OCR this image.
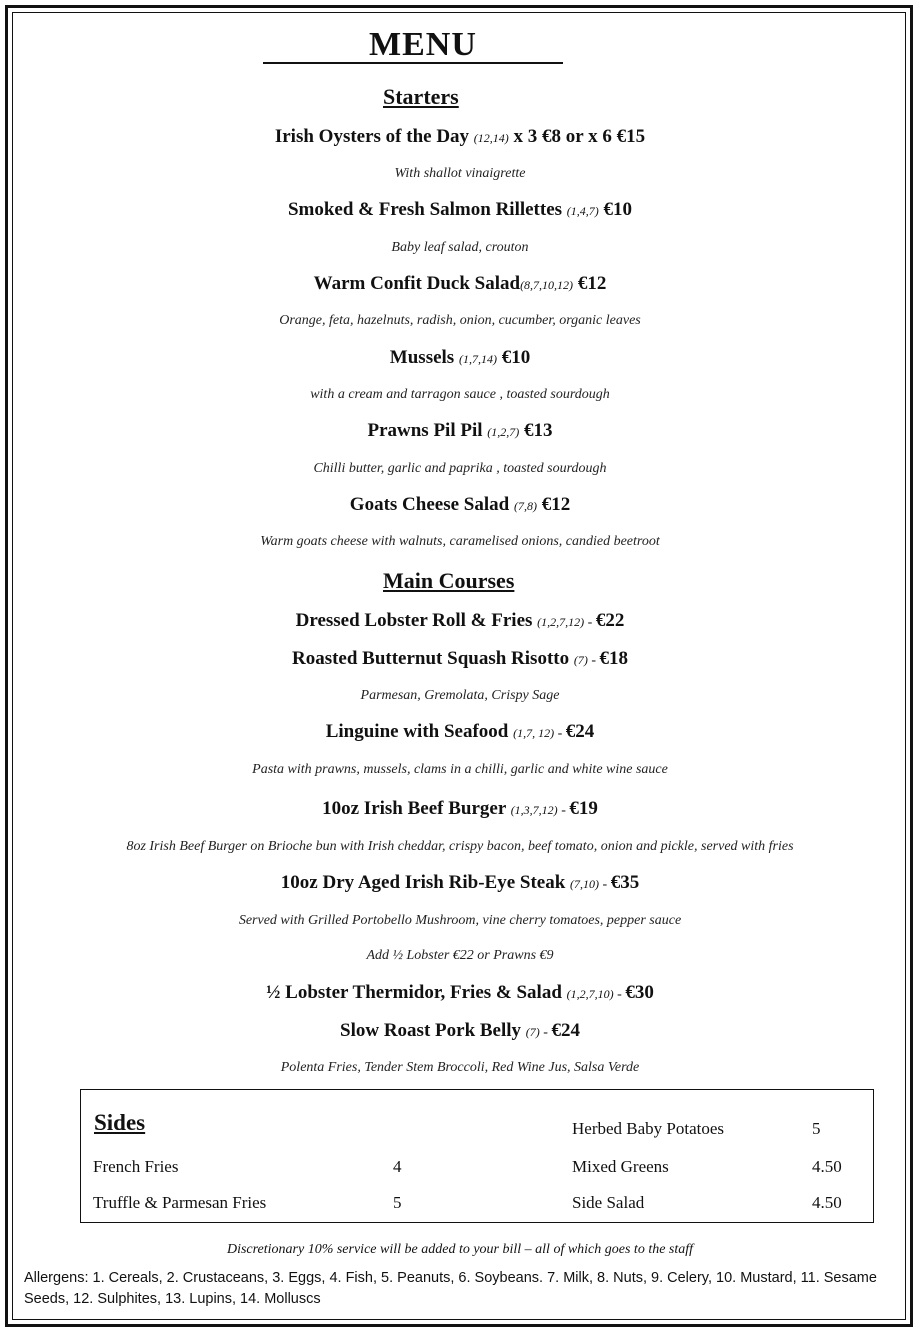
MENU
Starters
Irish Oysters of the Day (12,14) x 3 €8 or x 6 €15
With shallot vinaigrette
Smoked & Fresh Salmon Rillettes (1,4,7) €10
Baby leaf salad, crouton
Warm Confit Duck Salad(8,7,10,12) €12
Orange, feta, hazelnuts, radish, onion, cucumber, organic leaves
Mussels (1,7,14) €10
with a cream and tarragon sauce , toasted sourdough
Prawns Pil Pil (1,2,7) €13
Chilli butter, garlic and paprika , toasted sourdough
Goats Cheese Salad (7,8) €12
Warm goats cheese with walnuts, caramelised onions, candied beetroot
Main Courses
Dressed Lobster Roll & Fries (1,2,7,12) - €22
Roasted Butternut Squash Risotto (7) - €18
Parmesan, Gremolata, Crispy Sage
Linguine with Seafood (1,7, 12) - €24
Pasta with prawns, mussels, clams in a chilli, garlic and white wine sauce
10oz Irish Beef Burger (1,3,7,12) - €19
8oz Irish Beef Burger on Brioche bun with Irish cheddar, crispy bacon, beef tomato, onion and pickle, served with fries
10oz Dry Aged Irish Rib-Eye Steak (7,10) - €35
Served with Grilled Portobello Mushroom, vine cherry tomatoes, pepper sauce
Add ½ Lobster €22 or Prawns €9
½ Lobster Thermidor, Fries & Salad (1,2,7,10) - €30
Slow Roast Pork Belly (7) - €24
Polenta Fries, Tender Stem Broccoli, Red Wine Jus, Salsa Verde
Sides
French Fries	4
Truffle & Parmesan Fries	5
Herbed Baby Potatoes	5
Mixed Greens	4.50
Side Salad	4.50
Discretionary 10% service will be added to your bill – all of which goes to the staff
Allergens: 1. Cereals, 2. Crustaceans, 3. Eggs, 4. Fish, 5. Peanuts, 6. Soybeans. 7. Milk, 8. Nuts, 9. Celery, 10. Mustard, 11. Sesame Seeds, 12. Sulphites, 13. Lupins, 14. Molluscs
